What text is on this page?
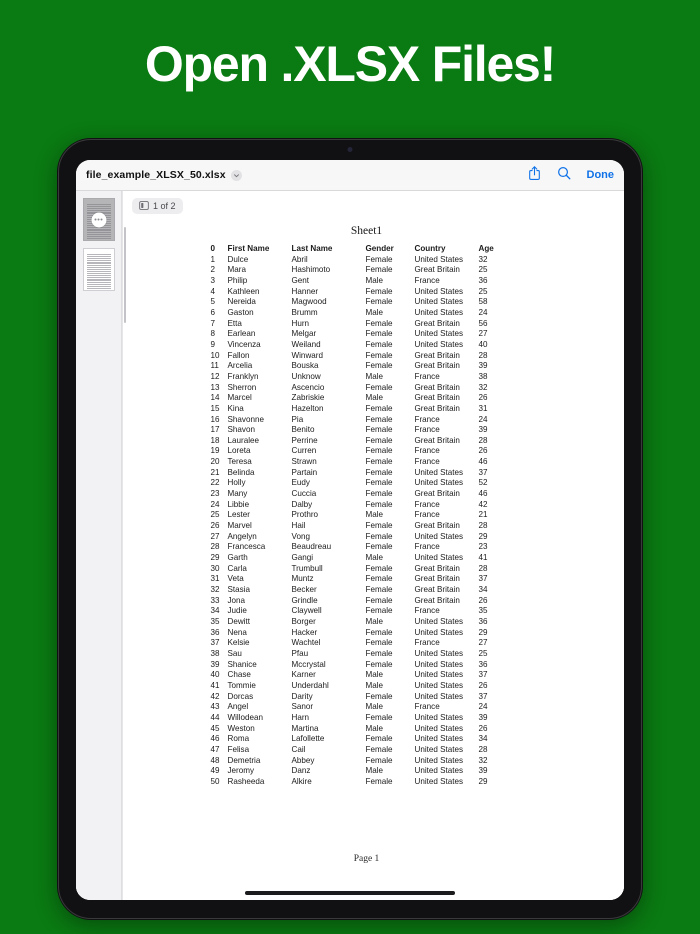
Open .XLSX Files!
file_example_XLSX_50.xlsx	Done
Sheet1
0	First Name	Last Name	Gender	Country	Age
1	Dulce	Abril	Female	United States	32
2	Mara	Hashimoto	Female	Great Britain	25
3	Philip	Gent	Male	France	36
4	Kathleen	Hanner	Female	United States	25
5	Nereida	Magwood	Female	United States	58
6	Gaston	Brumm	Male	United States	24
7	Etta	Hurn	Female	Great Britain	56
8	Earlean	Melgar	Female	United States	27
9	Vincenza	Weiland	Female	United States	40
10	Fallon	Winward	Female	Great Britain	28
11	Arcelia	Bouska	Female	Great Britain	39
12	Franklyn	Unknow	Male	France	38
13	Sherron	Ascencio	Female	Great Britain	32
14	Marcel	Zabriskie	Male	Great Britain	26
15	Kina	Hazelton	Female	Great Britain	31
16	Shavonne	Pia	Female	France	24
17	Shavon	Benito	Female	France	39
18	Lauralee	Perrine	Female	Great Britain	28
19	Loreta	Curren	Female	France	26
20	Teresa	Strawn	Female	France	46
21	Belinda	Partain	Female	United States	37
22	Holly	Eudy	Female	United States	52
23	Many	Cuccia	Female	Great Britain	46
24	Libbie	Dalby	Female	France	42
25	Lester	Prothro	Male	France	21
26	Marvel	Hail	Female	Great Britain	28
27	Angelyn	Vong	Female	United States	29
28	Francesca	Beaudreau	Female	France	23
29	Garth	Gangi	Male	United States	41
30	Carla	Trumbull	Female	Great Britain	28
31	Veta	Muntz	Female	Great Britain	37
32	Stasia	Becker	Female	Great Britain	34
33	Jona	Grindle	Female	Great Britain	26
34	Judie	Claywell	Female	France	35
35	Dewitt	Borger	Male	United States	36
36	Nena	Hacker	Female	United States	29
37	Kelsie	Wachtel	Female	France	27
38	Sau	Pfau	Female	United States	25
39	Shanice	Mccrystal	Female	United States	36
40	Chase	Karner	Male	United States	37
41	Tommie	Underdahl	Male	United States	26
42	Dorcas	Darity	Female	United States	37
43	Angel	Sanor	Male	France	24
44	Willodean	Harn	Female	United States	39
45	Weston	Martina	Male	United States	26
46	Roma	Lafollette	Female	United States	34
47	Felisa	Cail	Female	United States	28
48	Demetria	Abbey	Female	United States	32
49	Jeromy	Danz	Male	United States	39
50	Rasheeda	Alkire	Female	United States	29
Page 1
1 of 2
